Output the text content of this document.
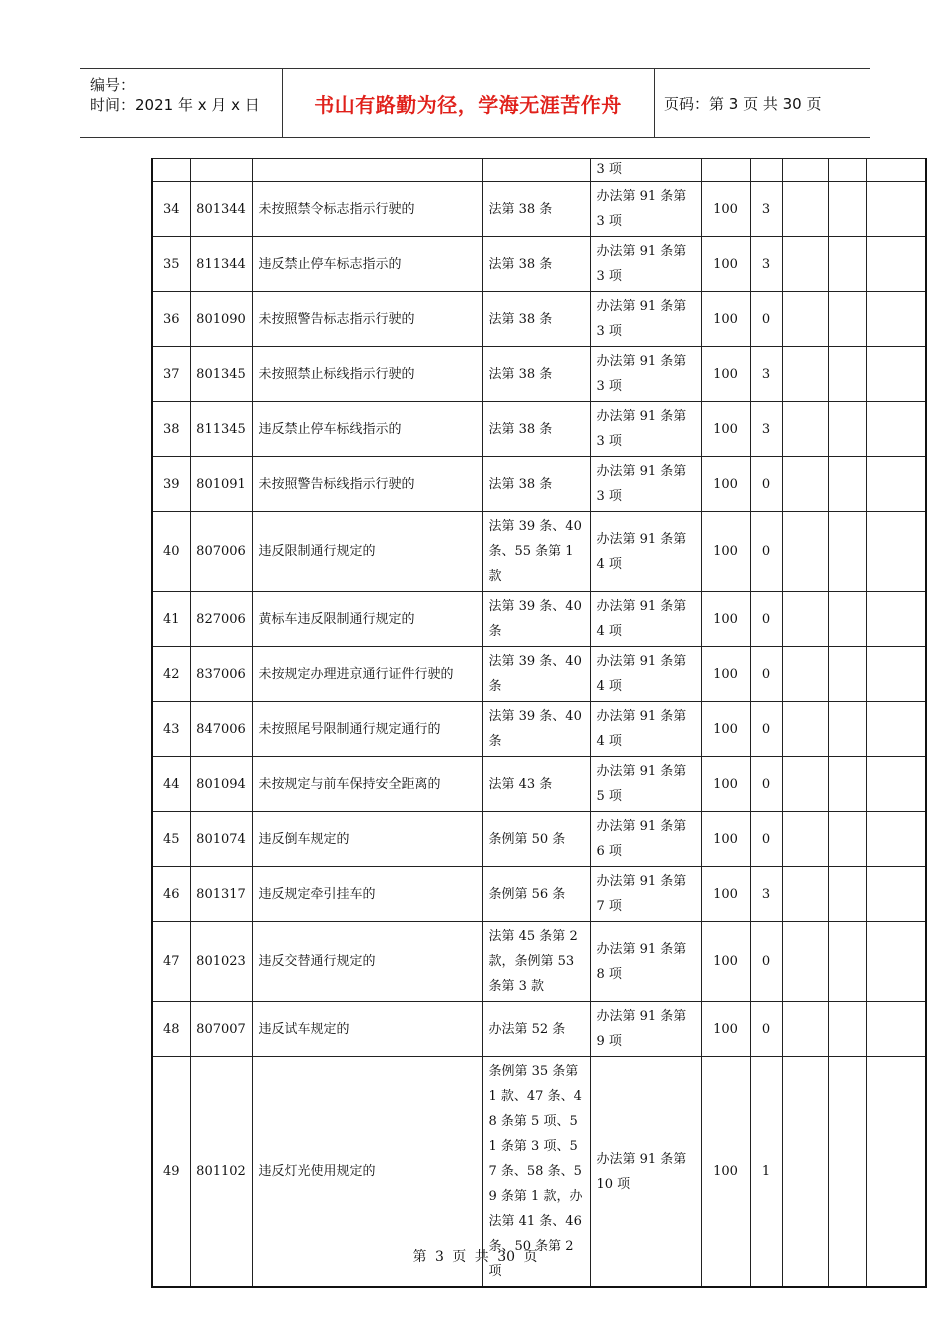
编号：
时间：2021 年 x 月 x 日	书山有路勤为径，学海无涯苦作舟	页码：第 3 页 共 30 页
				3 项					
34	801344	未按照禁令标志指示行驶的	法第 38 条	办法第 91 条第 3 项	100	3			
35	811344	违反禁止停车标志指示的	法第 38 条	办法第 91 条第 3 项	100	3			
36	801090	未按照警告标志指示行驶的	法第 38 条	办法第 91 条第 3 项	100	0			
37	801345	未按照禁止标线指示行驶的	法第 38 条	办法第 91 条第 3 项	100	3			
38	811345	违反禁止停车标线指示的	法第 38 条	办法第 91 条第 3 项	100	3			
39	801091	未按照警告标线指示行驶的	法第 38 条	办法第 91 条第 3 项	100	0			
40	807006	违反限制通行规定的	法第 39 条、40 条、55 条第 1 款	办法第 91 条第 4 项	100	0			
41	827006	黄标车违反限制通行规定的	法第 39 条、40 条	办法第 91 条第 4 项	100	0			
42	837006	未按规定办理进京通行证件行驶的	法第 39 条、40 条	办法第 91 条第 4 项	100	0			
43	847006	未按照尾号限制通行规定通行的	法第 39 条、40 条	办法第 91 条第 4 项	100	0			
44	801094	未按规定与前车保持安全距离的	法第 43 条	办法第 91 条第 5 项	100	0			
45	801074	违反倒车规定的	条例第 50 条	办法第 91 条第 6 项	100	0			
46	801317	违反规定牵引挂车的	条例第 56 条	办法第 91 条第 7 项	100	3			
47	801023	违反交替通行规定的	法第 45 条第 2 款，条例第 53 条第 3 款	办法第 91 条第 8 项	100	0			
48	807007	违反试车规定的	办法第 52 条	办法第 91 条第 9 项	100	0			
49	801102	违反灯光使用规定的	条例第 35 条第 1 款、47 条、48 条第 5 项、51 条第 3 项、57 条、58 条、59 条第 1 款，办法第 41 条、46 条、50 条第 2 项	办法第 91 条第 10 项	100	1			
第 3 页 共 30 页
